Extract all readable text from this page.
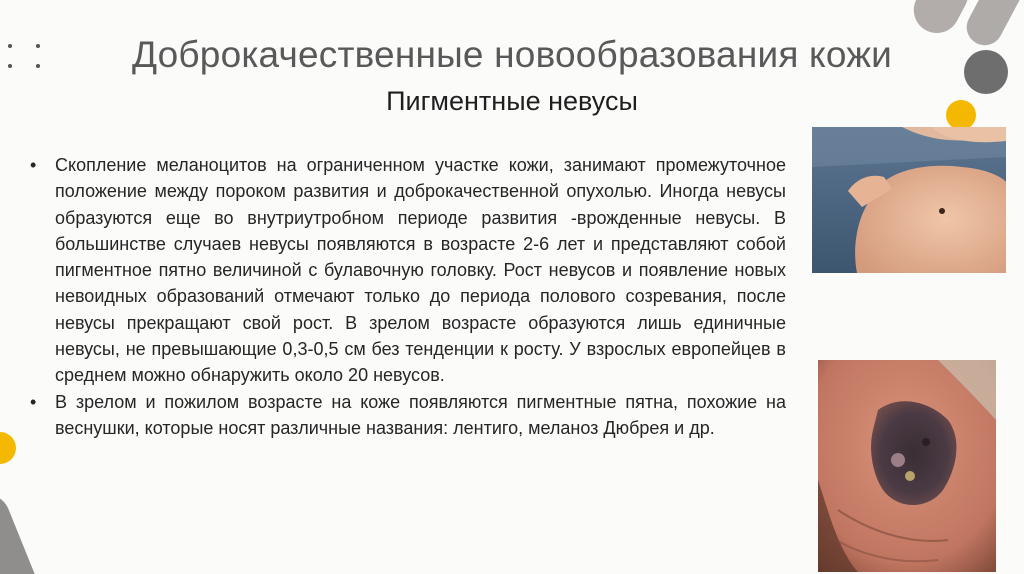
Доброкачественные новообразования кожи
Пигментные невусы
• Скопление меланоцитов на ограниченном участке кожи, занимают промежуточное положение между пороком развития и доброкачественной опухолью. Иногда невусы образуются еще во внутриутробном периоде развития -врожденные невусы. В большинстве случаев невусы появляются в возрасте 2-6 лет и представляют собой пигментное пятно величиной с булавочную головку. Рост невусов и появление новых невоидных образований отмечают только до периода полового созревания, после невусы прекращают свой рост. В зрелом возрасте образуются лишь единичные невусы, не превышающие 0,3-0,5 см без тенденции к росту. У взрослых европейцев в среднем можно обнаружить около 20 невусов.
• В зрелом и пожилом возрасте на коже появляются пигментные пятна, похожие на веснушки, которые носят различные названия: лентиго, меланоз Дюбрея и др.
